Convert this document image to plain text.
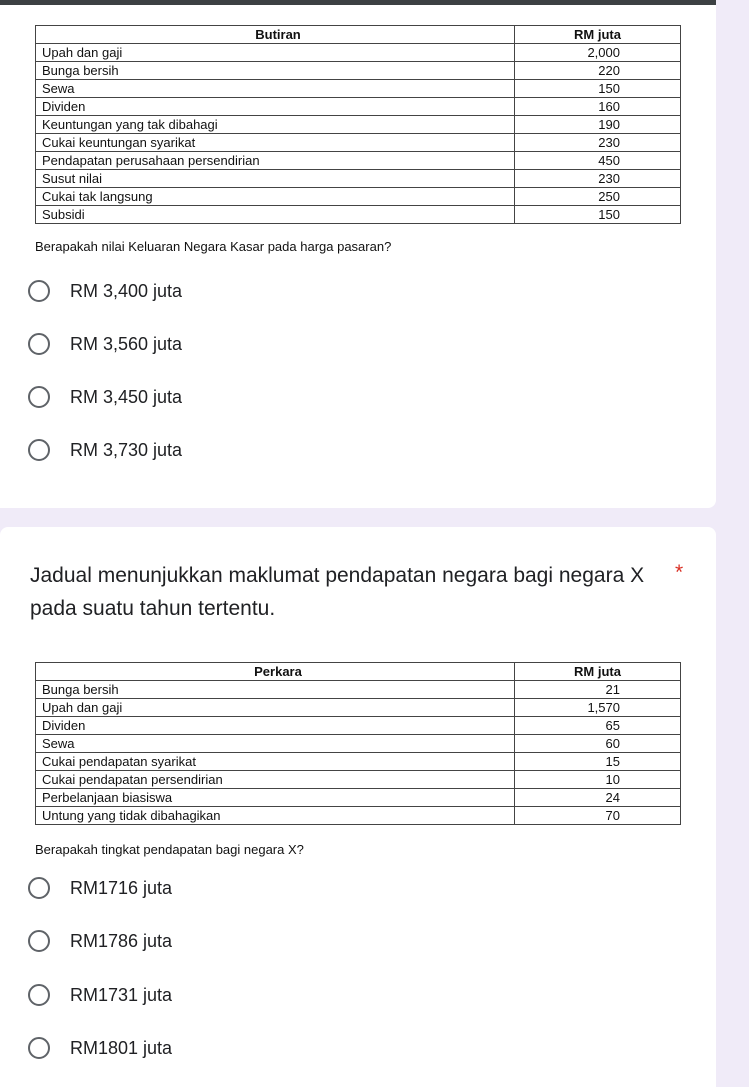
Butiran	RM juta
Upah dan gaji	2,000
Bunga bersih	220
Sewa	150
Dividen	160
Keuntungan yang tak dibahagi	190
Cukai keuntungan syarikat	230
Pendapatan perusahaan persendirian	450
Susut nilai	230
Cukai tak langsung	250
Subsidi	150
Berapakah nilai Keluaran Negara Kasar pada harga pasaran?
RM 3,400 juta
RM 3,560 juta
RM 3,450 juta
RM 3,730 juta
Jadual menunjukkan maklumat pendapatan negara bagi negara X pada suatu tahun tertentu.
*
Perkara	RM juta
Bunga bersih	21
Upah dan gaji	1,570
Dividen	65
Sewa	60
Cukai pendapatan syarikat	15
Cukai pendapatan persendirian	10
Perbelanjaan biasiswa	24
Untung yang tidak dibahagikan	70
Berapakah tingkat pendapatan bagi negara X?
RM1716 juta
RM1786 juta
RM1731 juta
RM1801 juta
